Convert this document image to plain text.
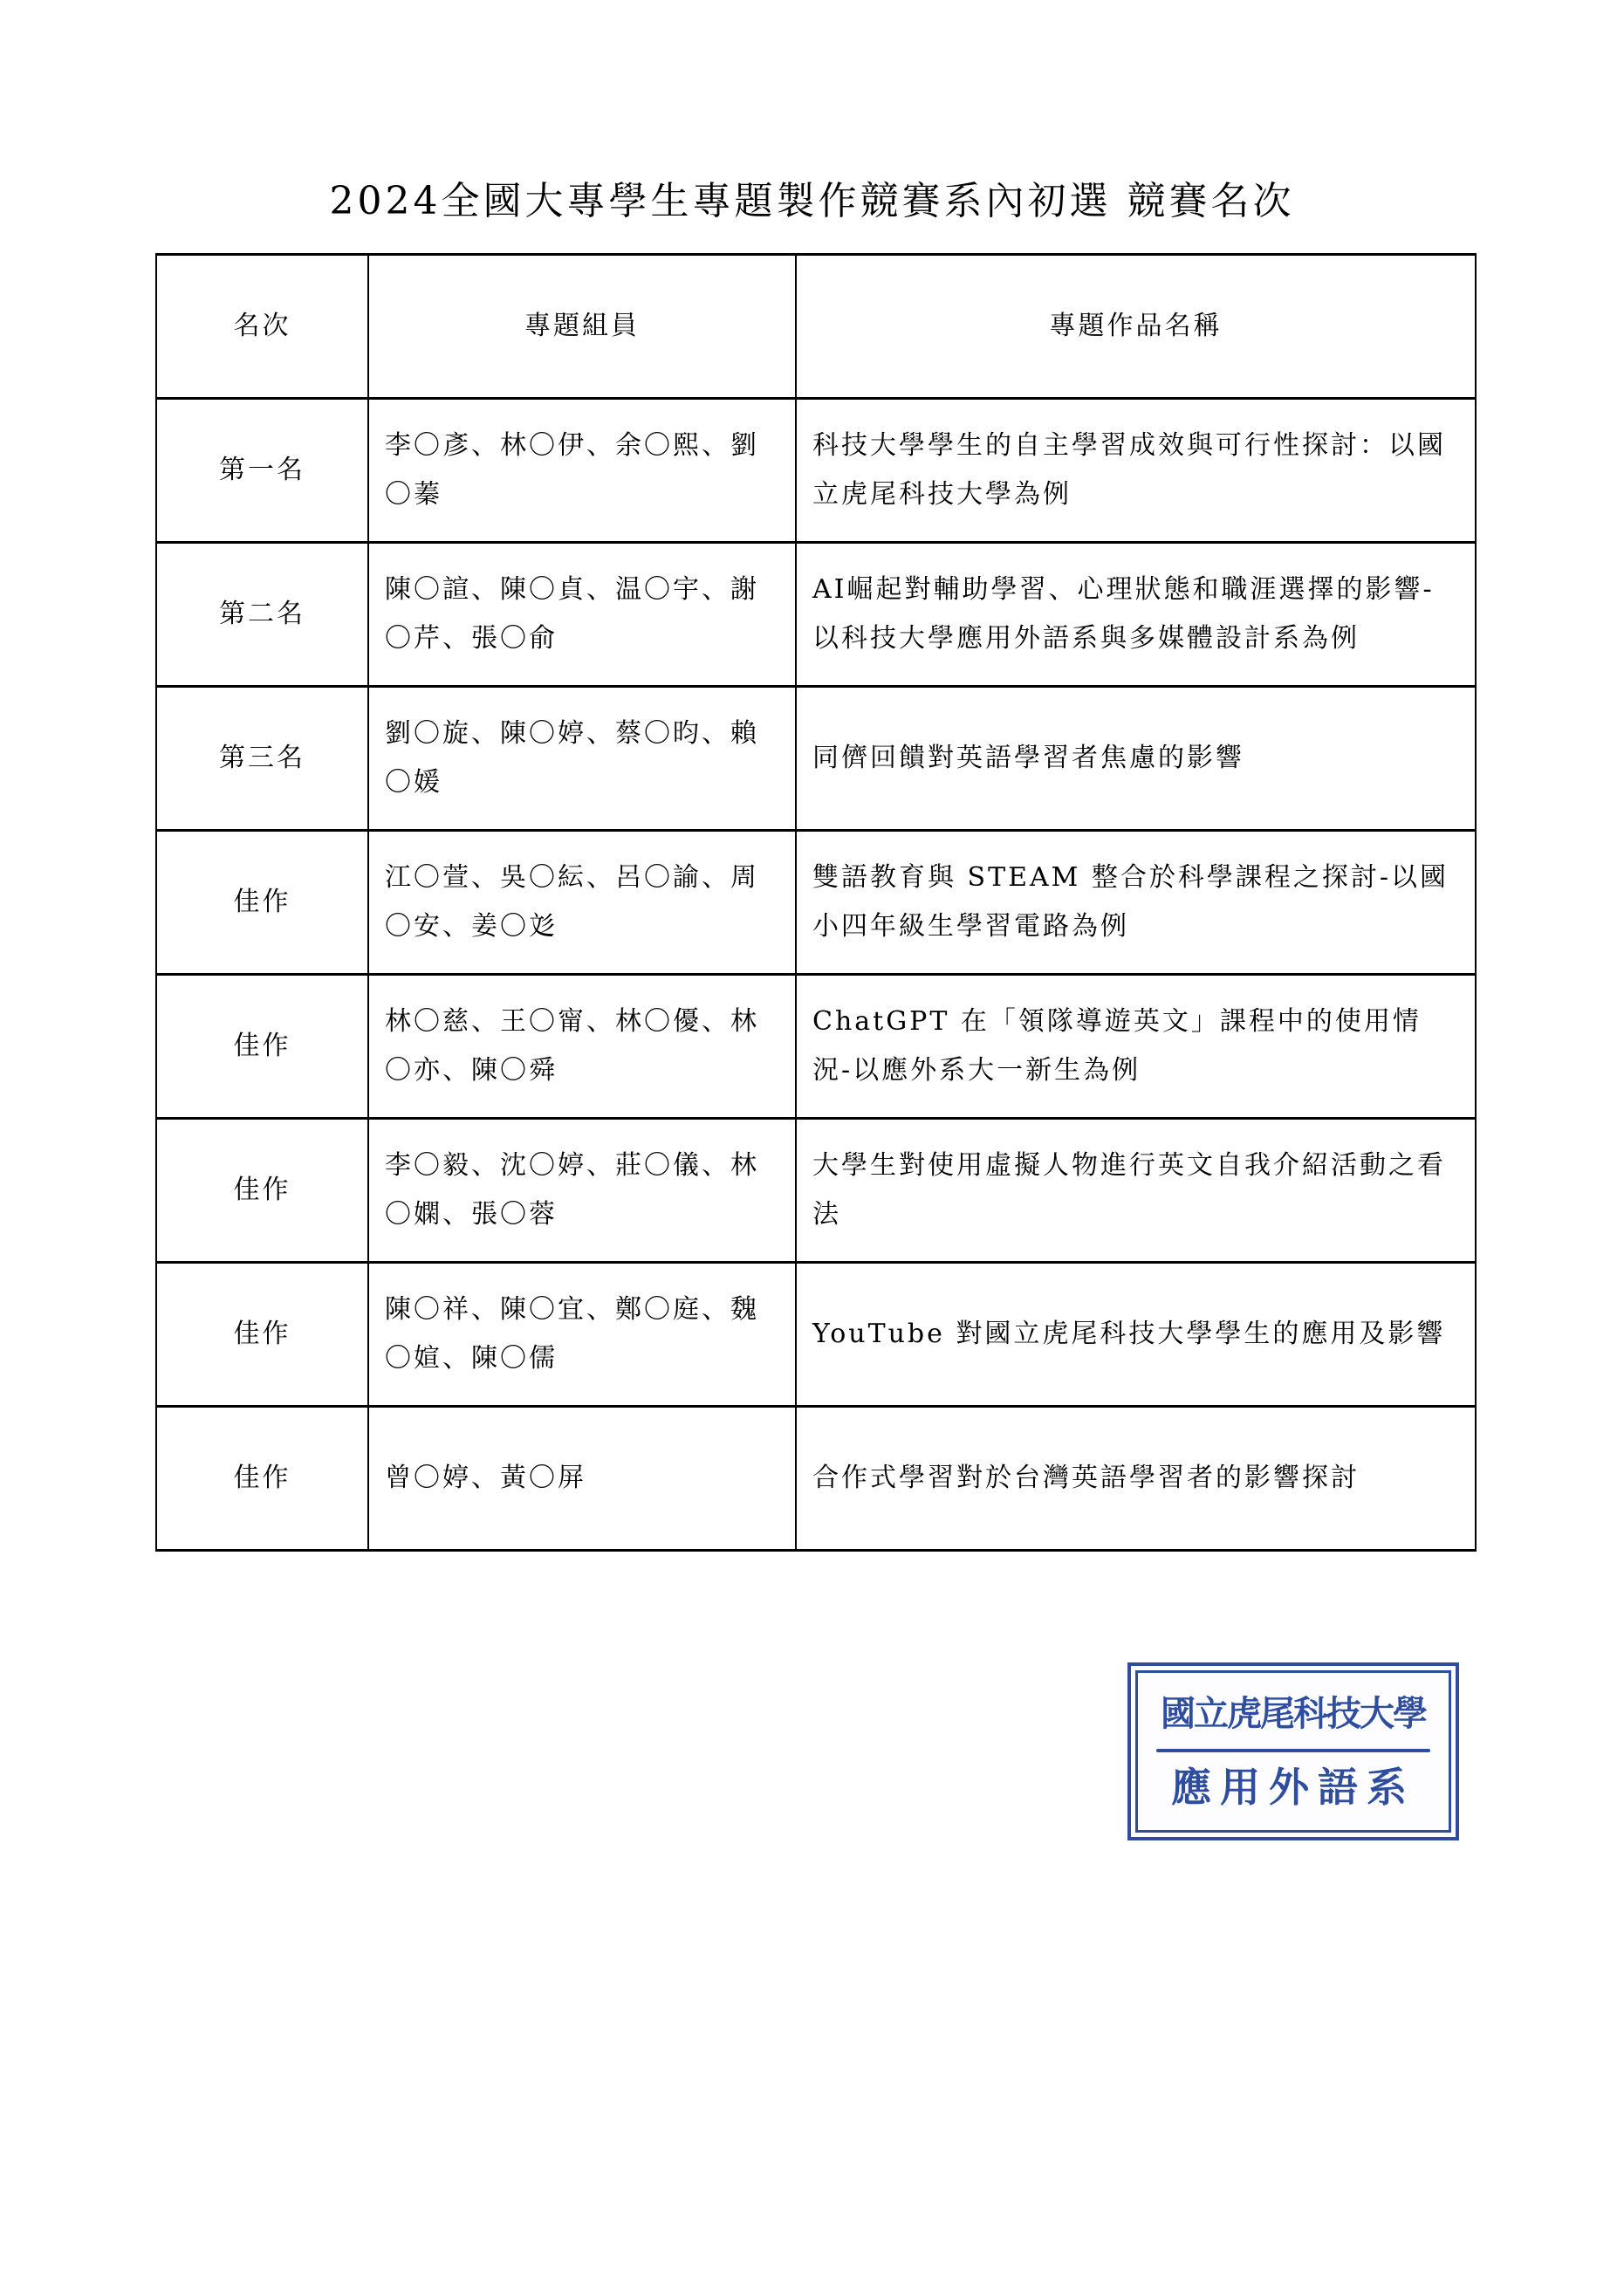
2024全國大專學生專題製作競賽系內初選 競賽名次
名次	專題組員	專題作品名稱
第一名	李〇彥、林〇伊、余〇熙、劉〇蓁	科技大學學生的自主學習成效與可行性探討：以國立虎尾科技大學為例
第二名	陳〇諠、陳〇貞、温〇宇、謝〇芹、張〇俞	AI崛起對輔助學習、心理狀態和職涯選擇的影響-以科技大學應用外語系與多媒體設計系為例
第三名	劉〇旋、陳〇婷、蔡〇昀、賴〇媛	同儕回饋對英語學習者焦慮的影響
佳作	江〇萱、吳〇紜、呂〇諭、周〇安、姜〇彣	雙語教育與 STEAM 整合於科學課程之探討-以國小四年級生學習電路為例
佳作	林〇慈、王〇甯、林〇優、林〇亦、陳〇舜	ChatGPT 在「領隊導遊英文」課程中的使用情況-以應外系大一新生為例
佳作	李〇毅、沈〇婷、莊〇儀、林〇嫻、張〇蓉	大學生對使用虛擬人物進行英文自我介紹活動之看法
佳作	陳〇祥、陳〇宜、鄭〇庭、魏〇媗、陳〇儒	YouTube 對國立虎尾科技大學學生的應用及影響
佳作	曾〇婷、黃〇屏	合作式學習對於台灣英語學習者的影響探討
國立虎尾科技大學
應用外語系
